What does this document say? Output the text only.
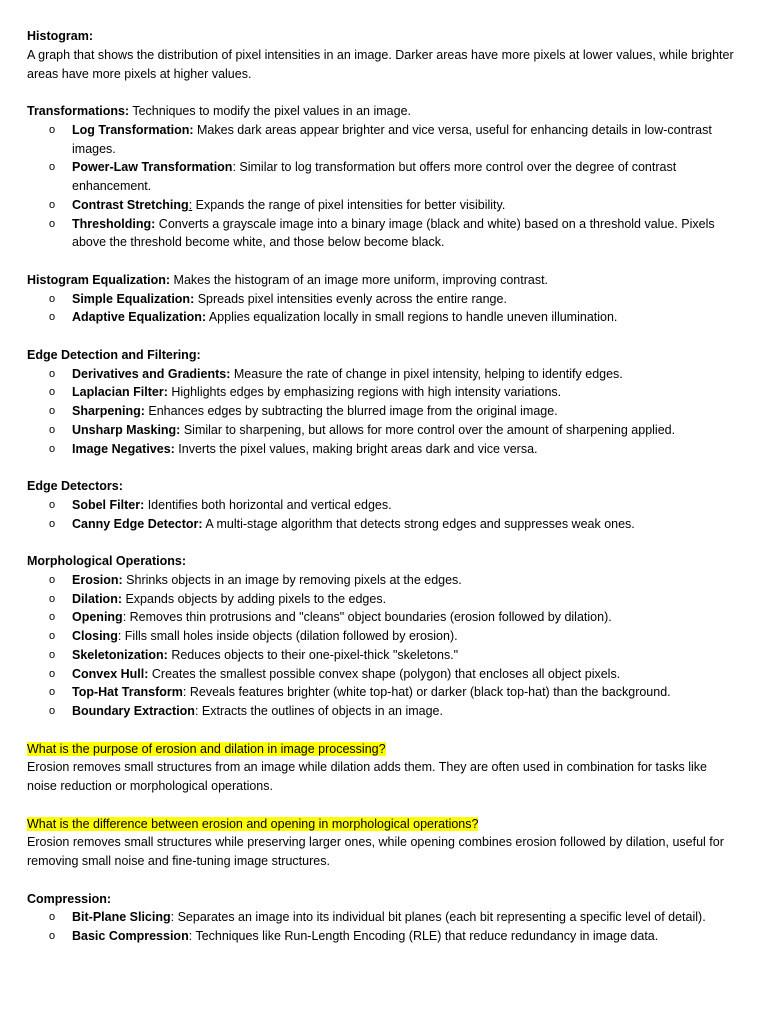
Histogram:

A graph that shows the distribution of pixel intensities in an image. Darker areas have more pixels at lower values, while brighter areas have more pixels at higher values.

Transformations: Techniques to modify the pixel values in an image.

o Log Transformation: Makes dark areas appear brighter and vice versa, useful for enhancing details in low-contrast images.
o Power-Law Transformation: Similar to log transformation but offers more control over the degree of contrast enhancement.
o Contrast Stretching: Expands the range of pixel intensities for better visibility.
o Thresholding: Converts a grayscale image into a binary image (black and white) based on a threshold value. Pixels above the threshold become white, and those below become black.

Histogram Equalization: Makes the histogram of an image more uniform, improving contrast.

o Simple Equalization: Spreads pixel intensities evenly across the entire range.
o Adaptive Equalization: Applies equalization locally in small regions to handle uneven illumination.

Edge Detection and Filtering:

o Derivatives and Gradients: Measure the rate of change in pixel intensity, helping to identify edges.
o Laplacian Filter: Highlights edges by emphasizing regions with high intensity variations.
o Sharpening: Enhances edges by subtracting the blurred image from the original image.
o Unsharp Masking: Similar to sharpening, but allows for more control over the amount of sharpening applied.
o Image Negatives: Inverts the pixel values, making bright areas dark and vice versa.

Edge Detectors:

o Sobel Filter: Identifies both horizontal and vertical edges.
o Canny Edge Detector: A multi-stage algorithm that detects strong edges and suppresses weak ones.

Morphological Operations:

o Erosion: Shrinks objects in an image by removing pixels at the edges.
o Dilation: Expands objects by adding pixels to the edges.
o Opening: Removes thin protrusions and "cleans" object boundaries (erosion followed by dilation).
o Closing: Fills small holes inside objects (dilation followed by erosion).
o Skeletonization: Reduces objects to their one-pixel-thick "skeletons."
o Convex Hull: Creates the smallest possible convex shape (polygon) that encloses all object pixels.
o Top-Hat Transform: Reveals features brighter (white top-hat) or darker (black top-hat) than the background.
o Boundary Extraction: Extracts the outlines of objects in an image.

What is the purpose of erosion and dilation in image processing?

Erosion removes small structures from an image while dilation adds them. They are often used in combination for tasks like noise reduction or morphological operations.

What is the difference between erosion and opening in morphological operations?

Erosion removes small structures while preserving larger ones, while opening combines erosion followed by dilation, useful for removing small noise and fine-tuning image structures.

Compression:

o Bit-Plane Slicing: Separates an image into its individual bit planes (each bit representing a specific level of detail).
o Basic Compression: Techniques like Run-Length Encoding (RLE) that reduce redundancy in image data.
